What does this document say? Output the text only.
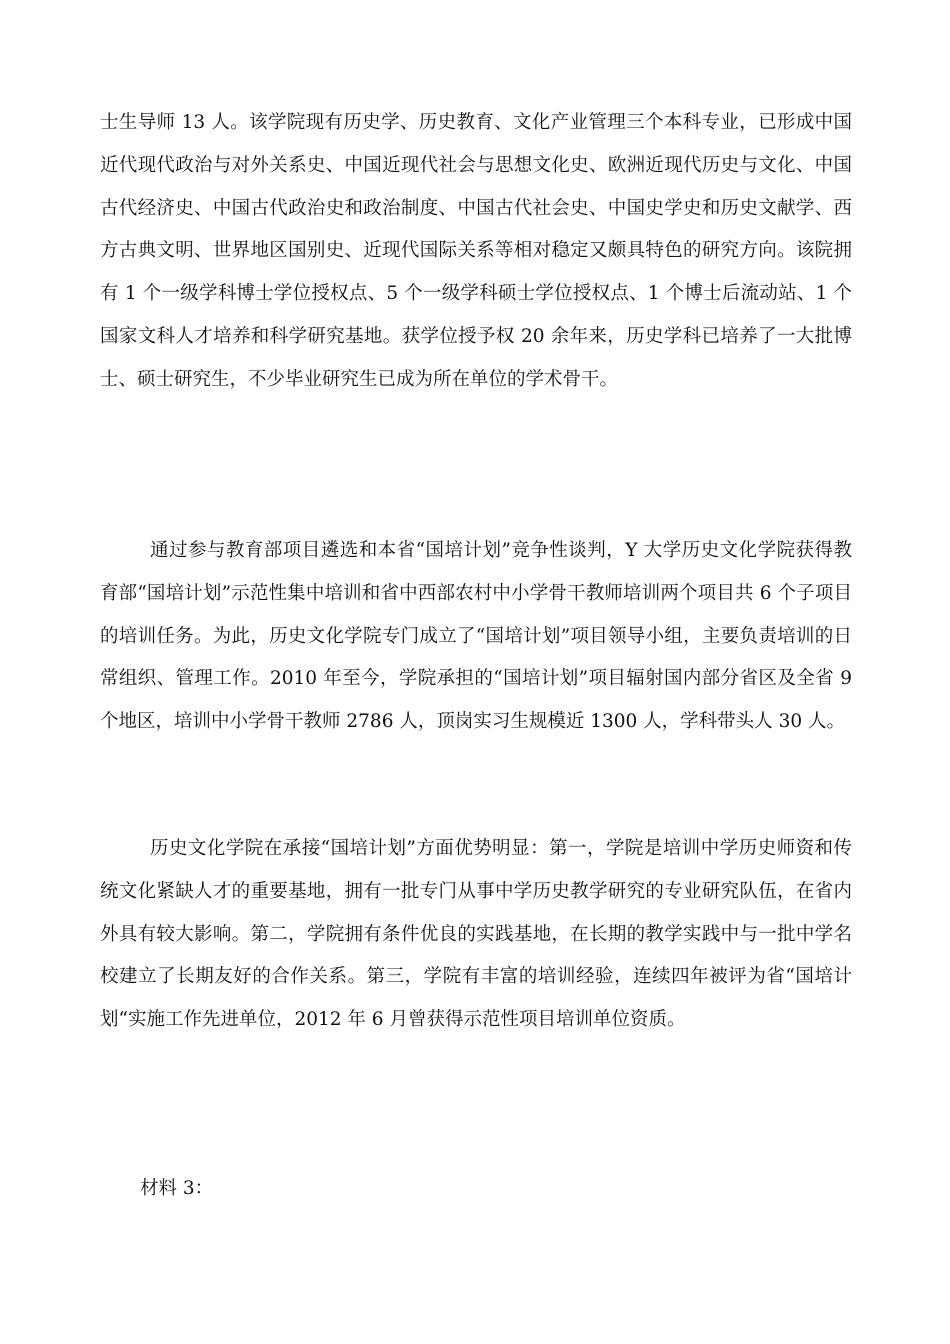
士生导师 13 人。该学院现有历史学、历史教育、文化产业管理三个本科专业，已形成中国近代现代政治与对外关系史、中国近现代社会与思想文化史、欧洲近现代历史与文化、中国古代经济史、中国古代政治史和政治制度、中国古代社会史、中国史学史和历史文献学、西方古典文明、世界地区国别史、近现代国际关系等相对稳定又颇具特色的研究方向。该院拥有 1 个一级学科博士学位授权点、5 个一级学科硕士学位授权点、1 个博士后流动站、1 个国家文科人才培养和科学研究基地。获学位授予权 20 余年来，历史学科已培养了一大批博士、硕士研究生，不少毕业研究生已成为所在单位的学术骨干。

通过参与教育部项目遴选和本省“国培计划”竞争性谈判，Y 大学历史文化学院获得教育部“国培计划”示范性集中培训和省中西部农村中小学骨干教师培训两个项目共 6 个子项目的培训任务。为此，历史文化学院专门成立了“国培计划”项目领导小组，主要负责培训的日常组织、管理工作。2010 年至今，学院承担的“国培计划”项目辐射国内部分省区及全省 9 个地区，培训中小学骨干教师 2786 人，顶岗实习生规模近 1300 人，学科带头人 30 人。

历史文化学院在承接“国培计划”方面优势明显：第一，学院是培训中学历史师资和传统文化紧缺人才的重要基地，拥有一批专门从事中学历史教学研究的专业研究队伍，在省内外具有较大影响。第二，学院拥有条件优良的实践基地，在长期的教学实践中与一批中学名校建立了长期友好的合作关系。第三，学院有丰富的培训经验，连续四年被评为省“国培计划“实施工作先进单位，2012 年 6 月曾获得示范性项目培训单位资质。

材料 3：
